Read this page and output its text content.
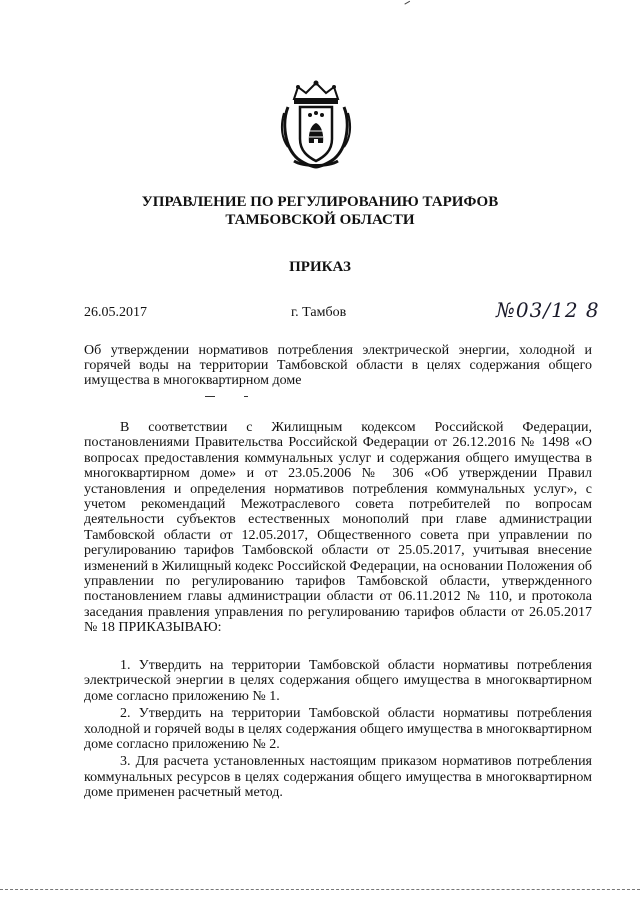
УПРАВЛЕНИЕ ПО РЕГУЛИРОВАНИЮ ТАРИФОВ
ТАМБОВСКОЙ ОБЛАСТИ
ПРИКАЗ
26.05.2017	г. Тамбов	№03/12 8
Об утверждении нормативов потребления электрической энергии, холодной и горячей воды на территории Тамбовской области в целях содержания общего имущества в многоквартирном доме

В соответствии с Жилищным кодексом Российской Федерации, постановлениями Правительства Российской Федерации от 26.12.2016 № 1498 «О вопросах предоставления коммунальных услуг и содержания общего имущества в многоквартирном доме» и от 23.05.2006 № 306 «Об утверждении Правил установления и определения нормативов потребления коммунальных услуг», с учетом рекомендаций Межотраслевого совета потребителей по вопросам деятельности субъектов естественных монополий при главе администрации Тамбовской области от 12.05.2017, Общественного совета при управлении по регулированию тарифов Тамбовской области от 25.05.2017, учитывая внесение изменений в Жилищный кодекс Российской Федерации, на основании Положения об управлении по регулированию тарифов Тамбовской области, утвержденного постановлением главы администрации области от 06.11.2012 № 110, и протокола заседания правления управления по регулированию тарифов области от 26.05.2017 № 18 ПРИКАЗЫВАЮ:

1. Утвердить на территории Тамбовской области нормативы потребления электрической энергии в целях содержания общего имущества в многоквартирном доме согласно приложению № 1.

2. Утвердить на территории Тамбовской области нормативы потребления холодной и горячей воды в целях содержания общего имущества в многоквартирном доме согласно приложению № 2.

3. Для расчета установленных настоящим приказом нормативов потребления коммунальных ресурсов в целях содержания общего имущества в многоквартирном доме применен расчетный метод.
